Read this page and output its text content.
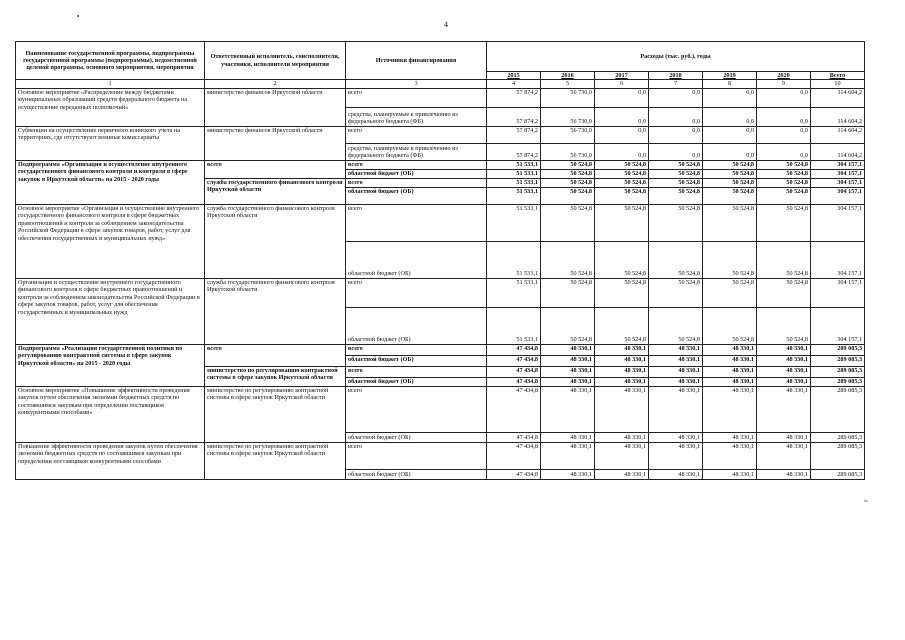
4
Наименование государственной программы, подпрограммы государственной программы (подпрограммы), ведомственной целевой программы, основного мероприятия, мероприятия	Ответственный исполнитель, соисполнители, участники, исполнители мероприятия	Источники финансирования	Расходы (тыс. руб.), годы						
			2015	2016	2017	2018	2019	2020	Всего
1	2	3	4	5	6	7	8	9	10
Основное мероприятие «Распределение между бюджетами муниципальных образований средств федерального бюджета на осуществление переданных полномочий»	министерство финансов Иркутской области	всего	57 874,2	56 730,0	0,0	0,0	0,0	0,0	114 604,2
		средства, планируемые к привлечению из федерального бюджета (ФБ)	57 874,2	56 730,0	0,0	0,0	0,0	0,0	114 604,2
Субвенции на осуществление первичного воинского учета на территориях, где отсутствуют военные комиссариаты	министерство финансов Иркутской области	всего	57 874,2	56 730,0	0,0	0,0	0,0	0,0	114 604,2
		средства, планируемые к привлечению из федерального бюджета (ФБ)	57 874,2	56 730,0	0,0	0,0	0,0	0,0	114 604,2
Подпрограмма «Организация и осуществление внутреннего государственного финансового контроля и контроля в сфере закупок в Иркутской области» на 2015 - 2020 годы	всего	всего	51 533,1	50 524,8	50 524,8	50 524,8	50 524,8	50 524,8	304 157,1
		областной бюджет (ОБ)	51 533,1	50 524,8	50 524,8	50 524,8	50 524,8	50 524,8	304 157,1
	служба государственного финансового контроля Иркутской области	всего	51 533,1	50 524,8	50 524,8	50 524,8	50 524,8	50 524,8	304 157,1
		областной бюджет (ОБ)	51 533,1	50 524,8	50 524,8	50 524,8	50 524,8	50 524,8	304 157,1
Основное мероприятие «Организация и осуществление внутреннего государственного финансового контроля в сфере бюджетных правоотношений и контроля за соблюдением законодательства Российской Федерации в сфере закупок товаров, работ, услуг для обеспечения государственных и муниципальных нужд»	служба государственного финансового контроля Иркутской области	всего	51 533,1	50 524,8	50 524,8	50 524,8	50 524,8	50 524,8	304 157,1
		областной бюджет (ОБ)	51 533,1	50 524,8	50 524,8	50 524,8	50 524,8	50 524,8	304 157,1
Организация и осуществление внутреннего государственного финансового контроля в сфере бюджетных правоотношений и контроля за соблюдением законодательства Российской Федерации в сфере закупок товаров, работ, услуг для обеспечения государственных и муниципальных нужд	служба государственного финансового контроля Иркутской области	всего	51 533,1	50 524,8	50 524,8	50 524,8	50 524,8	50 524,8	304 157,1
		областной бюджет (ОБ)	51 533,1	50 524,8	50 524,8	50 524,8	50 524,8	50 524,8	304 157,1
Подпрограмма «Реализация государственной политики по регулированию контрактной системы в сфере закупок Иркутской области» на 2015 - 2020 годы	всего	всего	47 434,8	48 330,1	48 330,1	48 330,1	48 330,1	48 330,1	289 085,3
		областной бюджет (ОБ)	47 434,8	48 330,1	48 330,1	48 330,1	48 330,1	48 330,1	289 085,3
	министерство по регулированию контрактной системы в сфере закупок Иркутской области	всего	47 434,8	48 330,1	48 330,1	48 330,1	48 330,1	48 330,1	289 085,3
		областной бюджет (ОБ)	47 434,8	48 330,1	48 330,1	48 330,1	48 330,1	48 330,1	289 085,3
Основное мероприятие «Повышение эффективности проведения закупок путем обеспечения экономии бюджетных средств по состоявшимся закупкам при определении поставщиков конкурентными способами»	министерство по регулированию контрактной системы в сфере закупок Иркутской области	всего	47 434,8	48 330,1	48 330,1	48 330,1	48 330,1	48 330,1	289 085,3
		областной бюджет (ОБ)	47 434,8	48 330,1	48 330,1	48 330,1	48 330,1	48 330,1	289 085,3
Повышение эффективности проведения закупок путем обеспечения экономии бюджетных средств по состоявшимся закупкам при определении поставщиков конкурентными способами	министерство по регулированию контрактной системы в сфере закупок Иркутской области	всего	47 434,8	48 330,1	48 330,1	48 330,1	48 330,1	48 330,1	289 085,3
		областной бюджет (ОБ)	47 434,8	48 330,1	48 330,1	48 330,1	48 330,1	48 330,1	289 085,3
».
